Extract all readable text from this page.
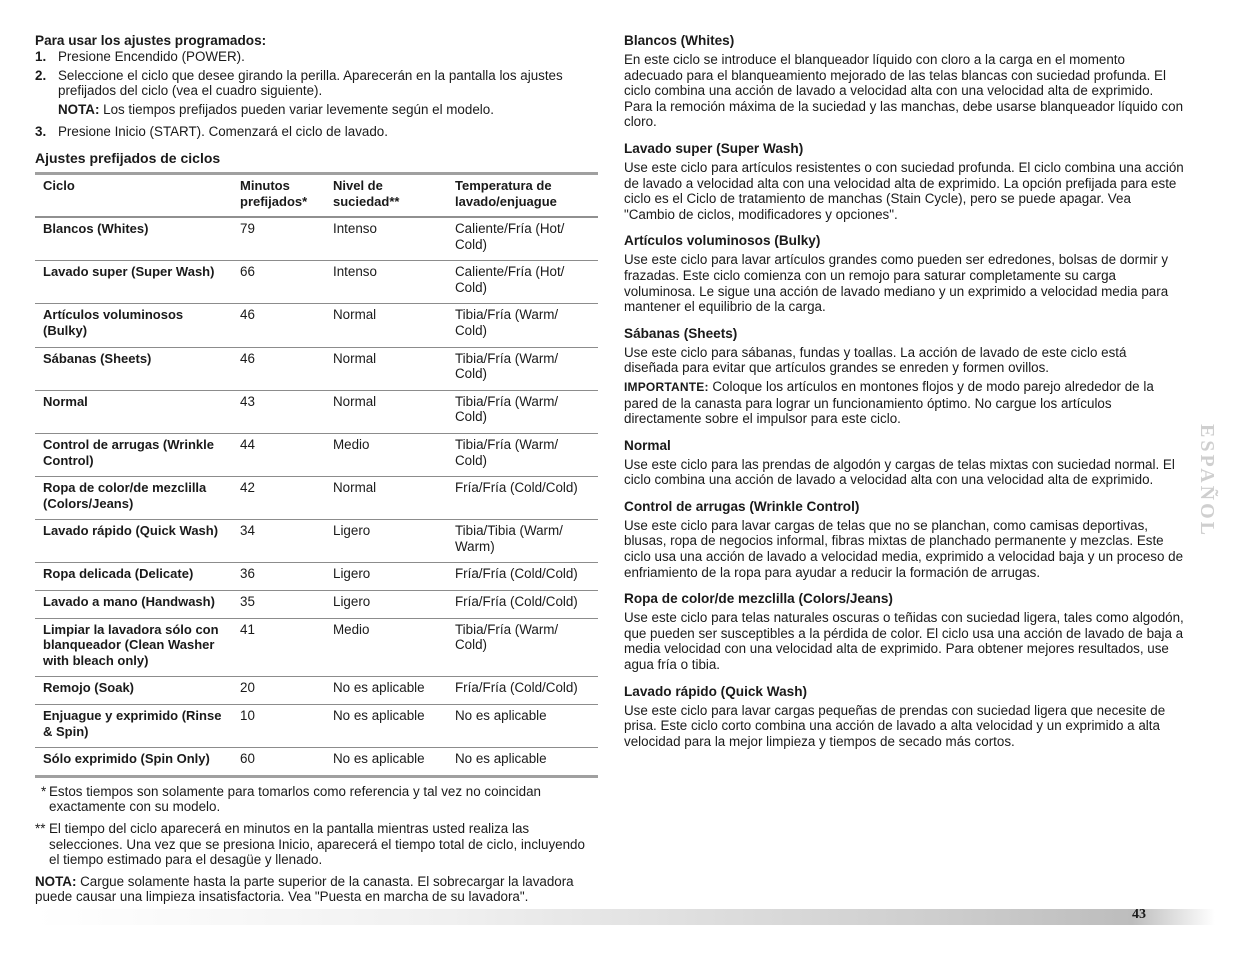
Para usar los ajustes programados:
1. Presione Encendido (POWER).
2. Seleccione el ciclo que desee girando la perilla. Aparecerán en la pantalla los ajustes prefijados del ciclo (vea el cuadro siguiente).
NOTA: Los tiempos prefijados pueden variar levemente según el modelo.
3. Presione Inicio (START). Comenzará el ciclo de lavado.
Ajustes prefijados de ciclos
Ciclo	Minutos prefijados*	Nivel de suciedad**	Temperatura de lavado/enjuague
Blancos (Whites)	79	Intenso	Caliente/Fría (Hot/ Cold)
Lavado super (Super Wash)	66	Intenso	Caliente/Fría (Hot/ Cold)
Artículos voluminosos (Bulky)	46	Normal	Tibia/Fría (Warm/ Cold)
Sábanas (Sheets)	46	Normal	Tibia/Fría (Warm/ Cold)
Normal	43	Normal	Tibia/Fría (Warm/ Cold)
Control de arrugas (Wrinkle Control)	44	Medio	Tibia/Fría (Warm/ Cold)
Ropa de color/de mezclilla (Colors/Jeans)	42	Normal	Fría/Fría (Cold/Cold)
Lavado rápido (Quick Wash)	34	Ligero	Tibia/Tibia (Warm/ Warm)
Ropa delicada (Delicate)	36	Ligero	Fría/Fría (Cold/Cold)
Lavado a mano (Handwash)	35	Ligero	Fría/Fría (Cold/Cold)
Limpiar la lavadora sólo con blanqueador (Clean Washer with bleach only)	41	Medio	Tibia/Fría (Warm/ Cold)
Remojo (Soak)	20	No es aplicable	Fría/Fría (Cold/Cold)
Enjuague y exprimido (Rinse & Spin)	10	No es aplicable	No es aplicable
Sólo exprimido (Spin Only)	60	No es aplicable	No es aplicable
* Estos tiempos son solamente para tomarlos como referencia y tal vez no coincidan exactamente con su modelo.
** El tiempo del ciclo aparecerá en minutos en la pantalla mientras usted realiza las selecciones. Una vez que se presiona Inicio, aparecerá el tiempo total de ciclo, incluyendo el tiempo estimado para el desagüe y llenado.
NOTA: Cargue solamente hasta la parte superior de la canasta. El sobrecargar la lavadora puede causar una limpieza insatisfactoria. Vea "Puesta en marcha de su lavadora".
Blancos (Whites)

En este ciclo se introduce el blanqueador líquido con cloro a la carga en el momento adecuado para el blanqueamiento mejorado de las telas blancas con suciedad profunda. El ciclo combina una acción de lavado a velocidad alta con una velocidad alta de exprimido. Para la remoción máxima de la suciedad y las manchas, debe usarse blanqueador líquido con cloro.

Lavado super (Super Wash)

Use este ciclo para artículos resistentes o con suciedad profunda. El ciclo combina una acción de lavado a velocidad alta con una velocidad alta de exprimido. La opción prefijada para este ciclo es el Ciclo de tratamiento de manchas (Stain Cycle), pero se puede apagar. Vea "Cambio de ciclos, modificadores y opciones".

Artículos voluminosos (Bulky)

Use este ciclo para lavar artículos grandes como pueden ser edredones, bolsas de dormir y frazadas. Este ciclo comienza con un remojo para saturar completamente su carga voluminosa. Le sigue una acción de lavado mediano y un exprimido a velocidad media para mantener el equilibrio de la carga.

Sábanas (Sheets)

Use este ciclo para sábanas, fundas y toallas. La acción de lavado de este ciclo está diseñada para evitar que artículos grandes se enreden y formen ovillos.

IMPORTANTE: Coloque los artículos en montones flojos y de modo parejo alrededor de la pared de la canasta para lograr un funcionamiento óptimo. No cargue los artículos directamente sobre el impulsor para este ciclo.

Normal

Use este ciclo para las prendas de algodón y cargas de telas mixtas con suciedad normal. El ciclo combina una acción de lavado a velocidad alta con una velocidad alta de exprimido.

Control de arrugas (Wrinkle Control)

Use este ciclo para lavar cargas de telas que no se planchan, como camisas deportivas, blusas, ropa de negocios informal, fibras mixtas de planchado permanente y mezclas. Este ciclo usa una acción de lavado a velocidad media, exprimido a velocidad baja y un proceso de enfriamiento de la ropa para ayudar a reducir la formación de arrugas.

Ropa de color/de mezclilla (Colors/Jeans)

Use este ciclo para telas naturales oscuras o teñidas con suciedad ligera, tales como algodón, que pueden ser susceptibles a la pérdida de color. El ciclo usa una acción de lavado de baja a media velocidad con una velocidad alta de exprimido. Para obtener mejores resultados, use agua fría o tibia.

Lavado rápido (Quick Wash)

Use este ciclo para lavar cargas pequeñas de prendas con suciedad ligera que necesite de prisa. Este ciclo corto combina una acción de lavado a alta velocidad y un exprimido a alta velocidad para la mejor limpieza y tiempos de secado más cortos.

ESPAÑOL
43
